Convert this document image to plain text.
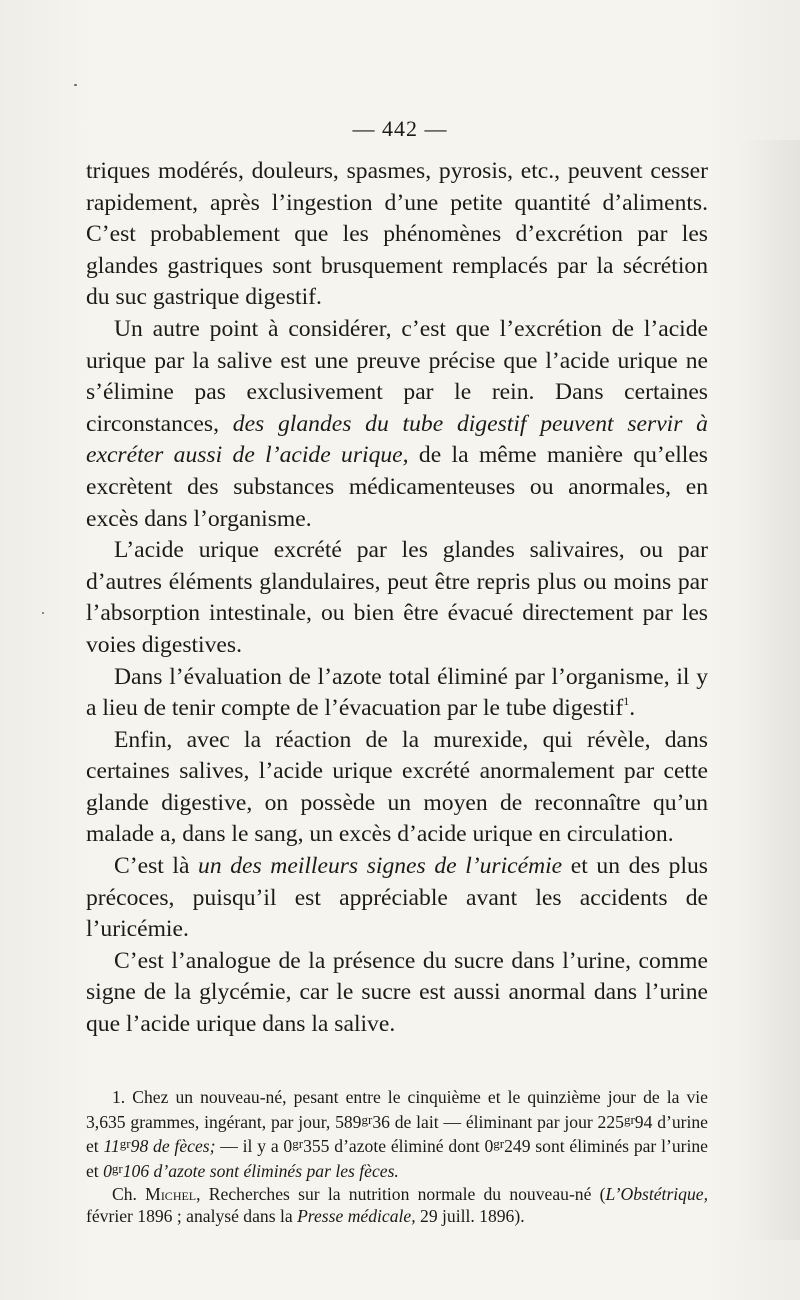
— 442 —

triques modérés, douleurs, spasmes, pyrosis, etc., peuvent cesser rapidement, après l’ingestion d’une petite quantité d’aliments. C’est probablement que les phénomènes d’excrétion par les glandes gastriques sont brusquement remplacés par la sécrétion du suc gastrique digestif.

Un autre point à considérer, c’est que l’excrétion de l’acide urique par la salive est une preuve précise que l’acide urique ne s’élimine pas exclusivement par le rein. Dans certaines circonstances, des glandes du tube digestif peuvent servir à excréter aussi de l’acide urique, de la même manière qu’elles excrètent des substances médicamenteuses ou anormales, en excès dans l’organisme.

L’acide urique excrété par les glandes salivaires, ou par d’autres éléments glandulaires, peut être repris plus ou moins par l’absorption intestinale, ou bien être évacué directement par les voies digestives.

Dans l’évaluation de l’azote total éliminé par l’organisme, il y a lieu de tenir compte de l’évacuation par le tube digestif$^1$.

Enfin, avec la réaction de la murexide, qui révèle, dans certaines salives, l’acide urique excrété anormalement par cette glande digestive, on possède un moyen de reconnaître qu’un malade a, dans le sang, un excès d’acide urique en circulation.

C’est là un des meilleurs signes de l’uricémie et un des plus précoces, puisqu’il est appréciable avant les accidents de l’uricémie.

C’est l’analogue de la présence du sucre dans l’urine, comme signe de la glycémie, car le sucre est aussi anormal dans l’urine que l’acide urique dans la salive.

1. Chez un nouveau-né, pesant entre le cinquième et le quinzième jour de la vie 3,635 grammes, ingérant, par jour, $589^{gr}36$ de lait — éliminant par jour $225^{gr}94$ d’urine et $11^{gr}98$ de fèces; — il y a $0^{gr}355$ d’azote éliminé dont $0^{gr}249$ sont éliminés par l’urine et $0^{gr}106$ d’azote sont éliminés par les fèces.

Ch. Michel, Recherches sur la nutrition normale du nouveau-né (L’Obstétrique, février 1896 ; analysé dans la Presse médicale, 29 juill. 1896).
